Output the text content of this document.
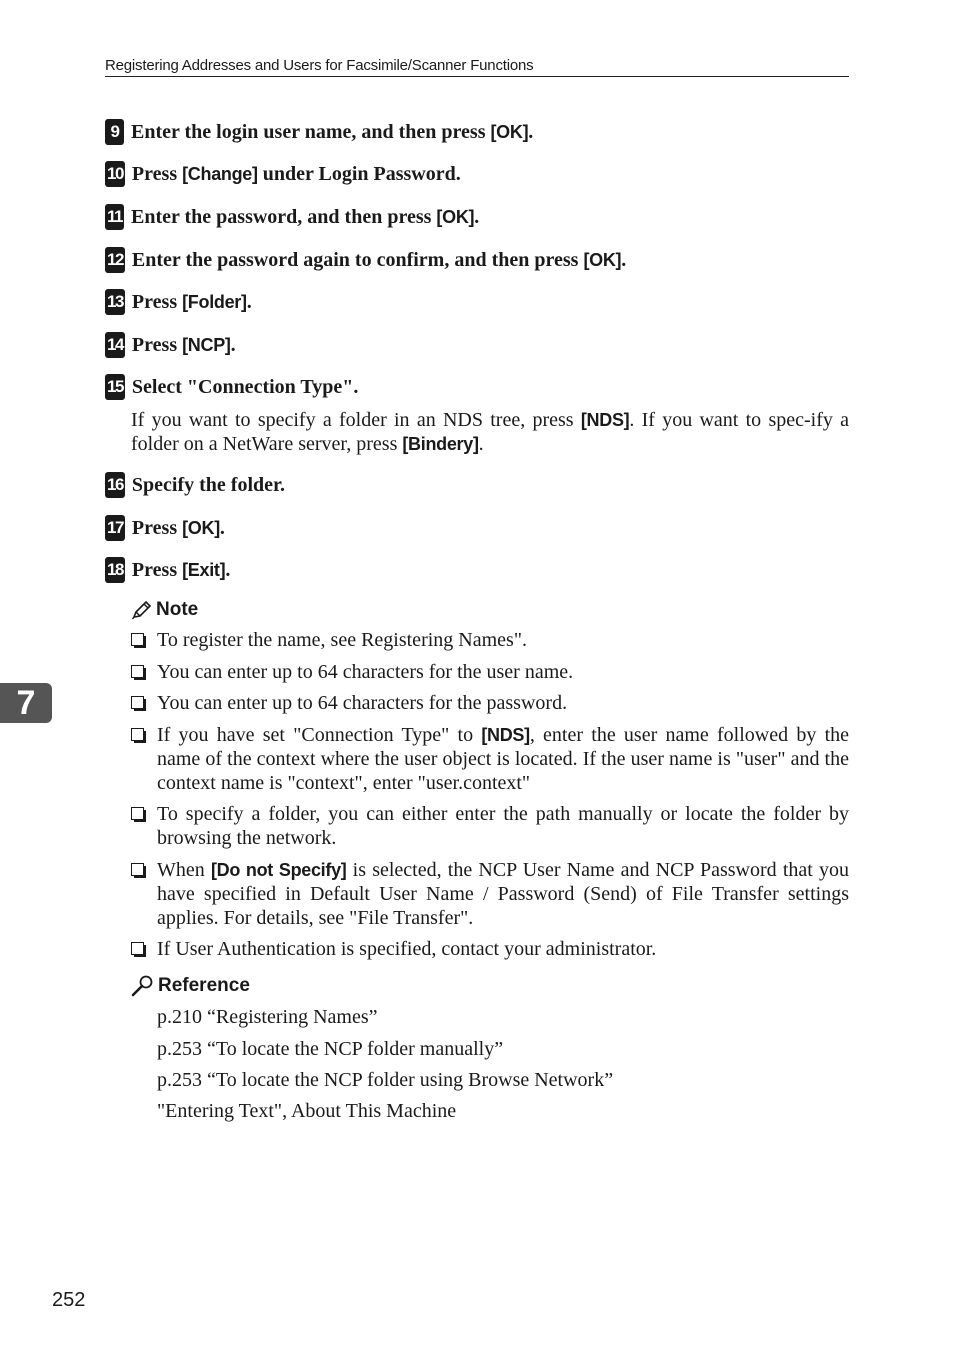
Registering Addresses and Users for Facsimile/Scanner Functions
9 Enter the login user name, and then press [OK].
10 Press [Change] under Login Password.
11 Enter the password, and then press [OK].
12 Enter the password again to confirm, and then press [OK].
13 Press [Folder].
14 Press [NCP].
15 Select "Connection Type".
If you want to specify a folder in an NDS tree, press [NDS]. If you want to spec-ify a folder on a NetWare server, press [Bindery].
16 Specify the folder.
17 Press [OK].
18 Press [Exit].
Note
To register the name, see Registering Names".
You can enter up to 64 characters for the user name.
You can enter up to 64 characters for the password.
If you have set "Connection Type" to [NDS], enter the user name followed by the name of the context where the user object is located. If the user name is "user" and the context name is "context", enter "user.context"
To specify a folder, you can either enter the path manually or locate the folder by browsing the network.
When [Do not Specify] is selected, the NCP User Name and NCP Password that you have specified in Default User Name / Password (Send) of File Transfer settings applies. For details, see "File Transfer".
If User Authentication is specified, contact your administrator.
Reference
p.210 “Registering Names”
p.253 “To locate the NCP folder manually”
p.253 “To locate the NCP folder using Browse Network”
"Entering Text", About This Machine
7
252
